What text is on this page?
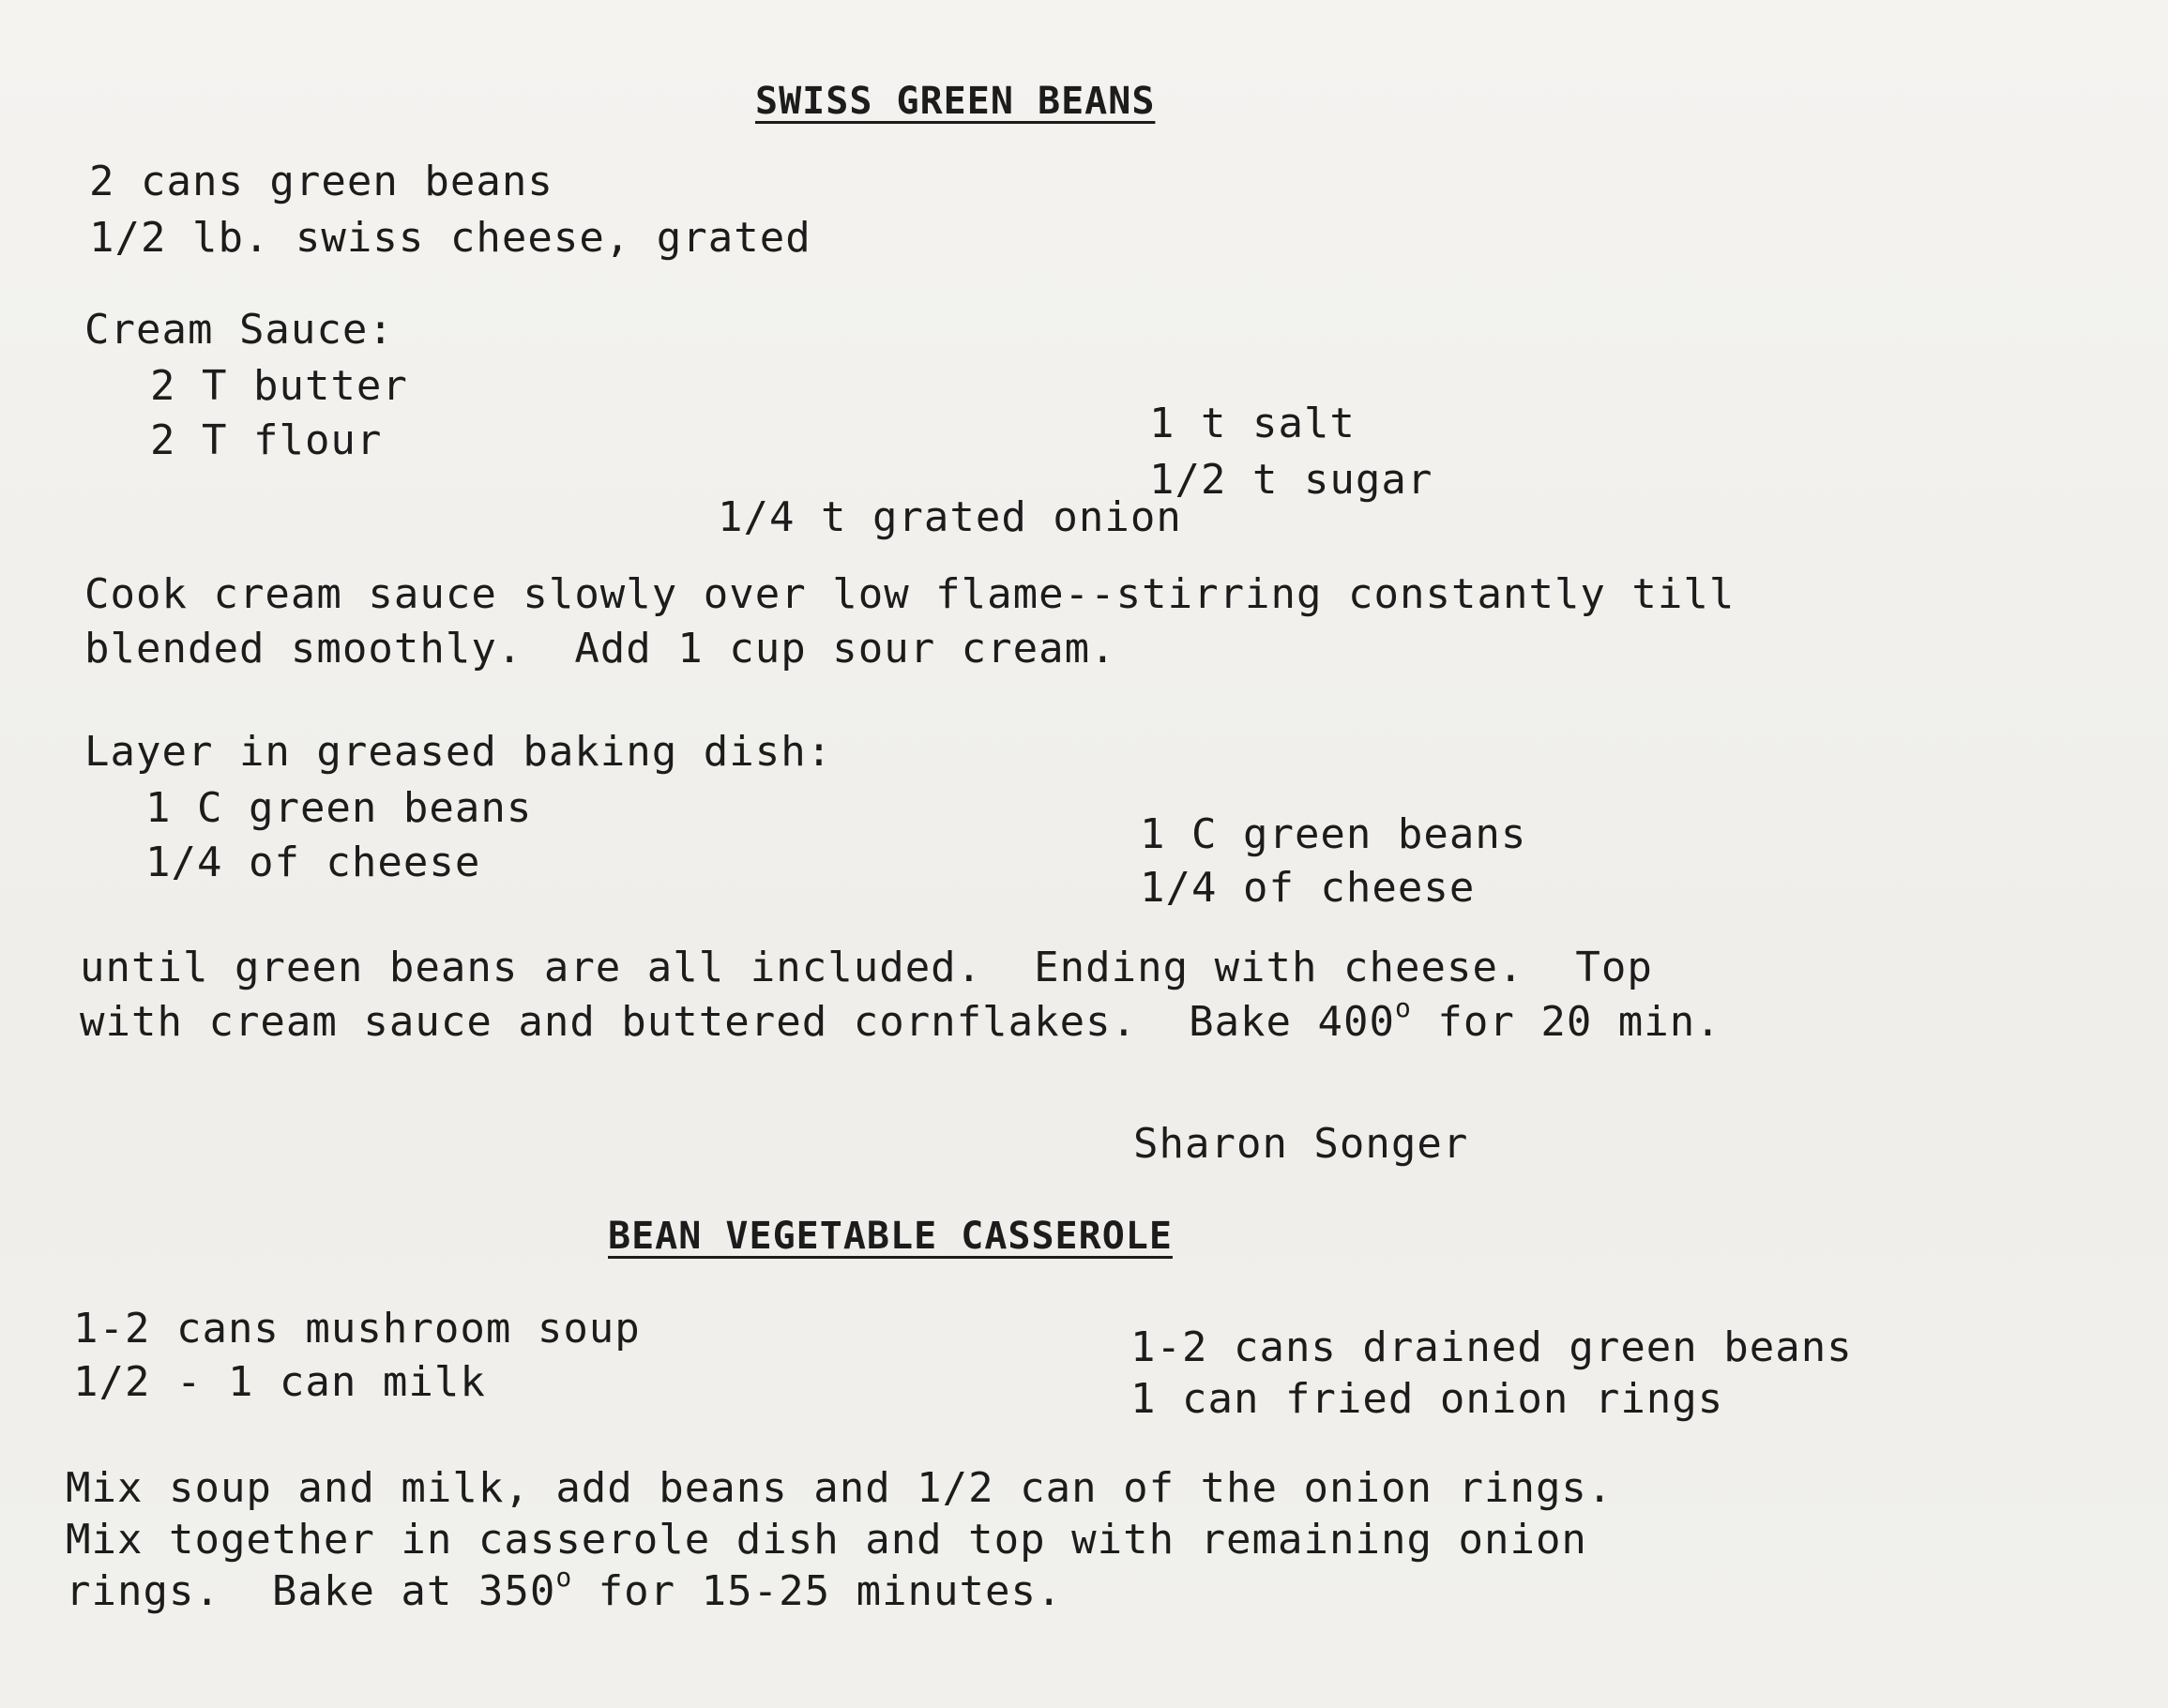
SWISS GREEN BEANS
2 cans green beans
1/2 lb. swiss cheese, grated
Cream Sauce:
2 T butter
2 T flour	1 t salt
1/2 t sugar
1/4 t grated onion
Cook cream sauce slowly over low flame--stirring constantly till
blended smoothly.  Add 1 cup sour cream.
Layer in greased baking dish:
1 C green beans
1/4 of cheese
1 C green beans
1/4 of cheese
until green beans are all included.  Ending with cheese.  Top
with cream sauce and buttered cornflakes.  Bake 400$^o$ for 20 min.
Sharon Songer
BEAN VEGETABLE CASSEROLE
1-2 cans mushroom soup
1/2 - 1 can milk
1-2 cans drained green beans
1 can fried onion rings
Mix soup and milk, add beans and 1/2 can of the onion rings.
Mix together in casserole dish and top with remaining onion
rings.  Bake at 350$^o$ for 15-25 minutes.
